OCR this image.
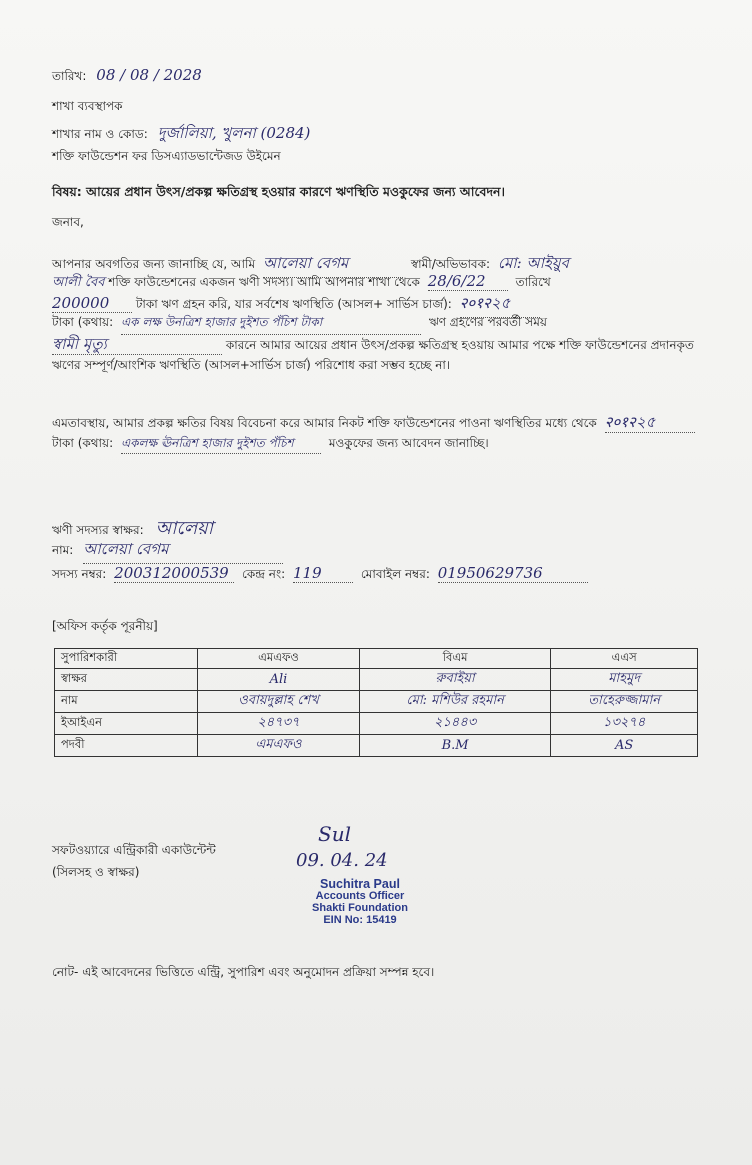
তারিখ: 08 / 08 / 2028
শাখা ব্যবস্থাপক
শাখার নাম ও কোড: দুর্জালিয়া, খুলনা (0284)
শক্তি ফাউন্ডেশন ফর ডিসএ্যাডভান্টেজড উইমেন
বিষয়: আয়ের প্রধান উৎস/প্রকল্প ক্ষতিগ্রস্থ হওয়ার কারণে ঋণস্থিতি মওকুফের জন্য আবেদন।
জনাব,
আপনার অবগতির জন্য জানাচ্ছি যে, আমি আলেয়া বেগম	স্বামী/অভিভাবক: মো: আইয়ুব
আলী বৈব শক্তি ফাউন্ডেশনের একজন ঋণী সদস্য। আমি আপনার শাখা থেকে 28/6/22	তারিখে
200000 টাকা ঋণ গ্রহন করি, যার সর্বশেষ ঋণস্থিতি (আসল+ সার্ভিস চার্জ): २०१२২৫
টাকা (কথায়: এক লক্ষ উনত্রিশ হাজার দুইশত পঁচিশ টাকা	ঋণ গ্রহণের পরবর্তী সময়
স্বামী মৃত্যু	কারনে আমার আয়ের প্রধান উৎস/প্রকল্প ক্ষতিগ্রস্থ হওয়ায় আমার পক্ষে শক্তি ফাউন্ডেশনের প্রদানকৃত ঋণের সম্পূর্ণ/আংশিক ঋণস্থিতি (আসল+সার্ভিস চার্জ) পরিশোধ করা সম্ভব হচ্ছে না।
এমতাবস্থায়, আমার প্রকল্প ক্ষতির বিষয় বিবেচনা করে আমার নিকট শক্তি ফাউন্ডেশনের পাওনা ঋণস্থিতির মধ্যে থেকে २०१२২৫ টাকা (কথায়: একলক্ষ ঊনত্রিশ হাজার দুইশত পঁচিশ	মওকুফের জন্য আবেদন জানাচ্ছি।
ঋণী সদস্যর স্বাক্ষর: আলেয়া
নাম: আলেয়া বেগম
সদস্য নম্বর: 200312000539 কেন্দ্র নং: 119	মোবাইল নম্বর: 01950629736
[অফিস কর্তৃক পূরনীয়]
সুপারিশকারী	এমএফও	বিএম	এএস
স্বাক্ষর	Ali	রুবাইয়া	মাহমুদ
নাম	ওবায়দুল্লাহ শেখ	মো: মশিউর রহমান	তাহেরুজ্জামান
ইআইএন	২৪৭৩৭	২১৪৪৩	১৩২৭৪
পদবী	এমএফও	B.M	AS
সফটওয়্যারে এন্ট্রিকারী একাউন্টেন্ট
(সিলসহ ও স্বাক্ষর)
Sul
09. 04. 24
Suchitra Paul
Accounts Officer
Shakti Foundation
EIN No: 15419
নোট- এই আবেদনের ভিত্তিতে এন্ট্রি, সুপারিশ এবং অনুমোদন প্রক্রিয়া সম্পন্ন হবে।
